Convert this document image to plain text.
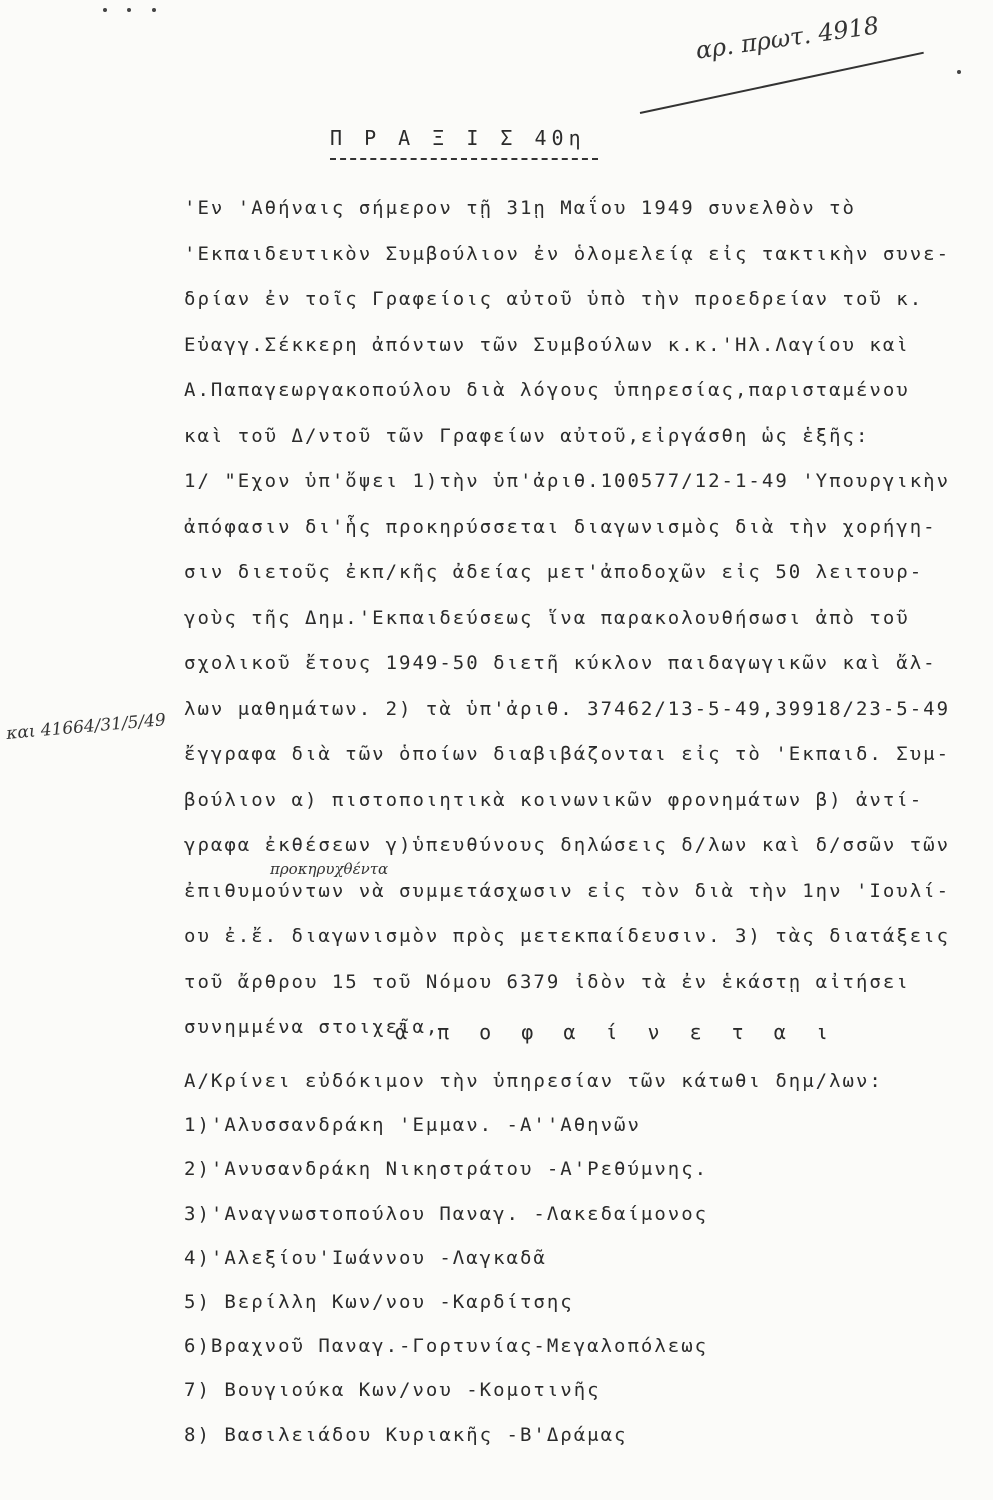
αρ. πρωτ. 4918
Π Ρ Α Ξ Ι Σ 40η
'Εν 'Αθήναις σήμερον τῇ 31ῃ Μαΐου 1949 συνελθὸν τὸ
'Εκπαιδευτικὸν Συμβούλιον ἐν ὁλομελείᾳ εἰς τακτικὴν συνε-
δρίαν ἐν τοῖς Γραφείοις αὐτοῦ ὑπὸ τὴν προεδρείαν τοῦ κ.
Εὐαγγ.Σέκκερη ἀπόντων τῶν Συμβούλων κ.κ.'Ηλ.Λαγίου καὶ
Α.Παπαγεωργακοπούλου διὰ λόγους ὑπηρεσίας,παρισταμένου
καὶ τοῦ Δ/ντοῦ τῶν Γραφείων αὐτοῦ,εἰργάσθη ὡς ἑξῆς:
1/ "Εχον ὑπ'ὄψει 1)τὴν ὑπ'ἀριθ.100577/12-1-49 'Υπουργικὴν
ἀπόφασιν δι'ἧς προκηρύσσεται διαγωνισμὸς διὰ τὴν χορήγη-
σιν διετοῦς ἐκπ/κῆς ἀδείας μετ'ἀποδοχῶν εἰς 50 λειτουρ-
γοὺς τῆς Δημ.'Εκπαιδεύσεως ἵνα παρακολουθήσωσι ἀπὸ τοῦ
σχολικοῦ ἔτους 1949-50 διετῆ κύκλον παιδαγωγικῶν καὶ ἄλ-
λων μαθημάτων. 2) τὰ ὑπ'ἀριθ. 37462/13-5-49,39918/23-5-49
ἔγγραφα διὰ τῶν ὁποίων διαβιβάζονται εἰς τὸ 'Εκπαιδ. Συμ-
βούλιον α) πιστοποιητικὰ κοινωνικῶν φρονημάτων β) ἀντί-
γραφα ἐκθέσεων γ)ὑπευθύνους δηλώσεις δ/λων καὶ δ/σσῶν τῶν
ἐπιθυμούντων νὰ συμμετάσχωσιν εἰς τὸν διὰ τὴν 1ην 'Ιουλί-
ου ἐ.ἔ. διαγωνισμὸν πρὸς μετεκπαίδευσιν. 3) τὰς διατάξεις
τοῦ ἄρθρου 15 τοῦ Νόμου 6379 ἰδὸν τὰ ἐν ἑκάστῃ αἰτήσει
συνημμένα στοιχεῖα,
προκηρυχθέντα
και 41664/31/5/49
ἀ π ο φ α ί ν ε τ α ι
Α/Κρίνει εὐδόκιμον τὴν ὑπηρεσίαν τῶν κάτωθι δημ/λων:
1)'Αλυσσανδράκη 'Εμμαν. -Α''Αθηνῶν
2)'Ανυσανδράκη Νικηστράτου -Α'Ρεθύμνης.
3)'Αναγνωστοπούλου Παναγ. -Λακεδαίμονος
4)'Αλεξίου'Ιωάννου -Λαγκαδᾶ
5) Βερίλλη Κων/νου -Καρδίτσης
6)Βραχνοῦ Παναγ.-Γορτυνίας-Μεγαλοπόλεως
7) Βουγιούκα Κων/νου -Κομοτινῆς
8) Βασιλειάδου Κυριακῆς -Β'Δράμας
